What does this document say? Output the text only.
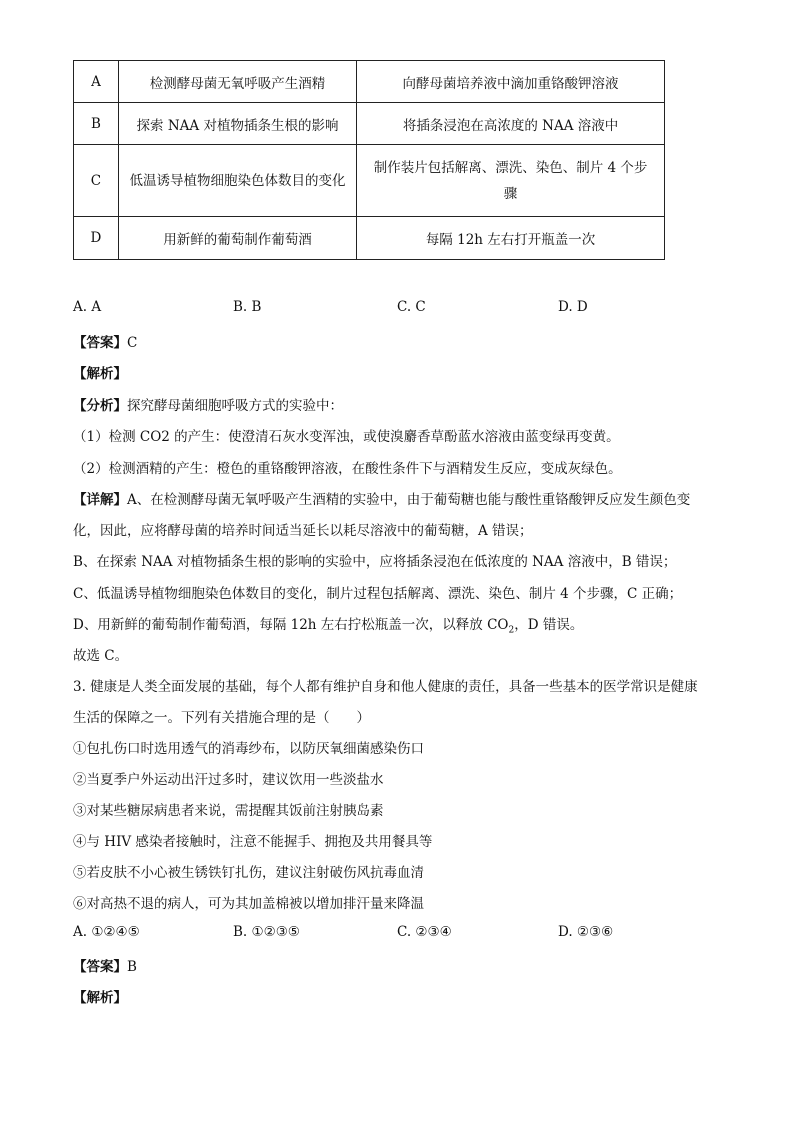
A	检测酵母菌无氧呼吸产生酒精	向酵母菌培养液中滴加重铬酸钾溶液
B	探索 NAA 对植物插条生根的影响	将插条浸泡在高浓度的 NAA 溶液中
C	低温诱导植物细胞染色体数目的变化	制作装片包括解离、漂洗、染色、制片 4 个步
骤
D	用新鲜的葡萄制作葡萄酒	每隔 12h 左右打开瓶盖一次
A. A	B. B	C. C	D. D
【答案】C
【解析】
【分析】探究酵母菌细胞呼吸方式的实验中：
（1）检测 CO2 的产生：使澄清石灰水变浑浊，或使溴麝香草酚蓝水溶液由蓝变绿再变黄。
（2）检测酒精的产生：橙色的重铬酸钾溶液，在酸性条件下与酒精发生反应，变成灰绿色。
【详解】A、在检测酵母菌无氧呼吸产生酒精的实验中，由于葡萄糖也能与酸性重铬酸钾反应发生颜色变
化，因此，应将酵母菌的培养时间适当延长以耗尽溶液中的葡萄糖，A 错误；
B、在探索 NAA 对植物插条生根的影响的实验中，应将插条浸泡在低浓度的 NAA 溶液中，B 错误；
C、低温诱导植物细胞染色体数目的变化，制片过程包括解离、漂洗、染色、制片 4 个步骤，C 正确；
D、用新鲜的葡萄制作葡萄酒，每隔 12h 左右拧松瓶盖一次，以释放 $CO_2$，D 错误。
故选 C。
3. 健康是人类全面发展的基础，每个人都有维护自身和他人健康的责任，具备一些基本的医学常识是健康
生活的保障之一。下列有关措施合理的是（　　）
①包扎伤口时选用透气的消毒纱布，以防厌氧细菌感染伤口
②当夏季户外运动出汗过多时，建议饮用一些淡盐水
③对某些糖尿病患者来说，需提醒其饭前注射胰岛素
④与 HIV 感染者接触时，注意不能握手、拥抱及共用餐具等
⑤若皮肤不小心被生锈铁钉扎伤，建议注射破伤风抗毒血清
⑥对高热不退的病人，可为其加盖棉被以增加排汗量来降温
A. ①②④⑤	B. ①②③⑤	C. ②③④	D. ②③⑥
【答案】B
【解析】
